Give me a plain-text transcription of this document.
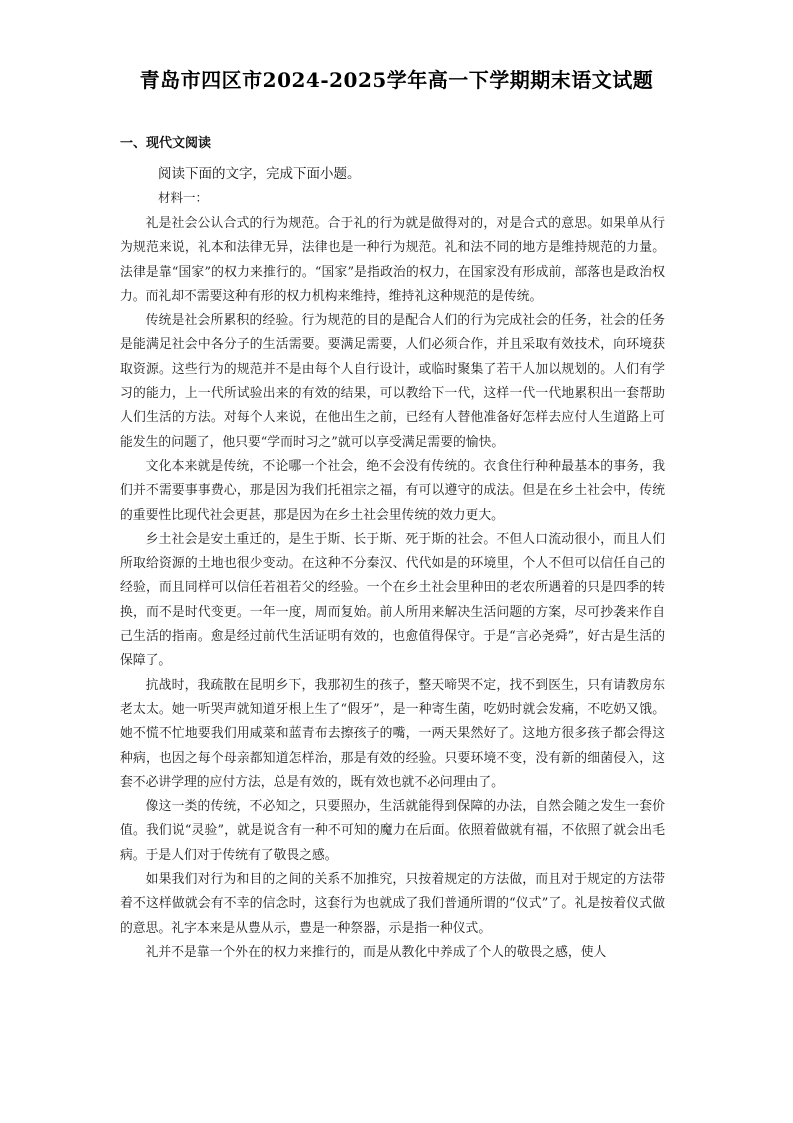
青岛市四区市2024-2025学年高一下学期期末语文试题
一、现代文阅读
阅读下面的文字，完成下面小题。
材料一：

礼是社会公认合式的行为规范。合于礼的行为就是做得对的，对是合式的意思。如果单从行为规范来说，礼本和法律无异，法律也是一种行为规范。礼和法不同的地方是维持规范的力量。法律是靠“国家”的权力来推行的。“国家”是指政治的权力，在国家没有形成前，部落也是政治权力。而礼却不需要这种有形的权力机构来维持，维持礼这种规范的是传统。

传统是社会所累积的经验。行为规范的目的是配合人们的行为完成社会的任务，社会的任务是能满足社会中各分子的生活需要。要满足需要，人们必须合作，并且采取有效技术，向环境获取资源。这些行为的规范并不是由每个人自行设计，或临时聚集了若干人加以规划的。人们有学习的能力，上一代所试验出来的有效的结果，可以教给下一代，这样一代一代地累积出一套帮助人们生活的方法。对每个人来说，在他出生之前，已经有人替他准备好怎样去应付人生道路上可能发生的问题了，他只要“学而时习之”就可以享受满足需要的愉快。

文化本来就是传统，不论哪一个社会，绝不会没有传统的。衣食住行种种最基本的事务，我们并不需要事事费心，那是因为我们托祖宗之福，有可以遵守的成法。但是在乡土社会中，传统的重要性比现代社会更甚，那是因为在乡土社会里传统的效力更大。

乡土社会是安土重迁的，是生于斯、长于斯、死于斯的社会。不但人口流动很小，而且人们所取给资源的土地也很少变动。在这种不分秦汉、代代如是的环境里，个人不但可以信任自己的经验，而且同样可以信任若祖若父的经验。一个在乡土社会里种田的老农所遇着的只是四季的转换，而不是时代变更。一年一度，周而复始。前人所用来解决生活问题的方案，尽可抄袭来作自己生活的指南。愈是经过前代生活证明有效的，也愈值得保守。于是“言必尧舜”，好古是生活的保障了。

抗战时，我疏散在昆明乡下，我那初生的孩子，整天啼哭不定，找不到医生，只有请教房东老太太。她一听哭声就知道牙根上生了“假牙”，是一种寄生菌，吃奶时就会发痛，不吃奶又饿。她不慌不忙地要我们用咸菜和蓝青布去擦孩子的嘴，一两天果然好了。这地方很多孩子都会得这种病，也因之每个母亲都知道怎样治，那是有效的经验。只要环境不变，没有新的细菌侵入，这套不必讲学理的应付方法，总是有效的，既有效也就不必问理由了。

像这一类的传统，不必知之，只要照办，生活就能得到保障的办法，自然会随之发生一套价值。我们说“灵验”，就是说含有一种不可知的魔力在后面。依照着做就有福，不依照了就会出毛病。于是人们对于传统有了敬畏之感。

如果我们对行为和目的之间的关系不加推究，只按着规定的方法做，而且对于规定的方法带着不这样做就会有不幸的信念时，这套行为也就成了我们普通所谓的“仪式”了。礼是按着仪式做的意思。礼字本来是从豊从示，豊是一种祭器，示是指一种仪式。

礼并不是靠一个外在的权力来推行的，而是从教化中养成了个人的敬畏之感，使人
